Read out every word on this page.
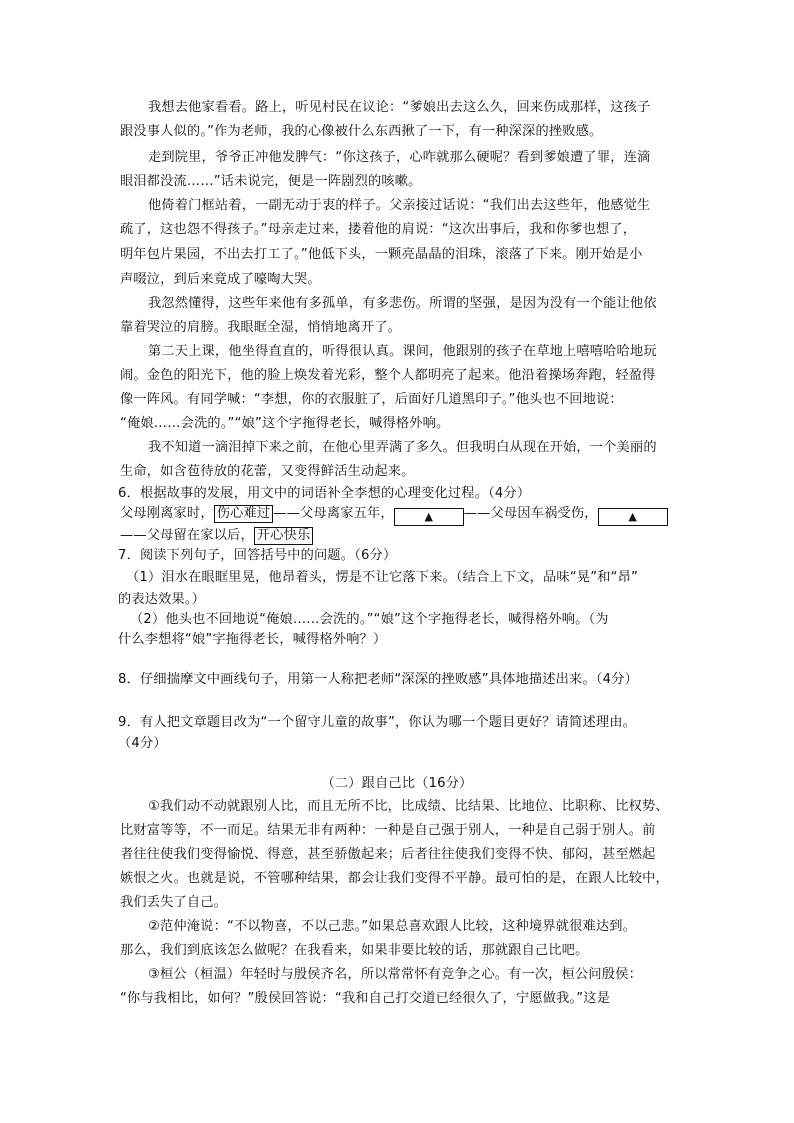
我想去他家看看。路上，听见村民在议论：“爹娘出去这么久，回来伤成那样，这孩子
跟没事人似的。”作为老师，我的心像被什么东西揪了一下，有一种深深的挫败感。
走到院里，爷爷正冲他发脾气：“你这孩子，心咋就那么硬呢？看到爹娘遭了罪，连滴
眼泪都没流……”话未说完，便是一阵剧烈的咳嗽。
他倚着门框站着，一副无动于衷的样子。父亲接过话说：“我们出去这些年，他感觉生
疏了，这也怨不得孩子。”母亲走过来，搂着他的肩说：“这次出事后，我和你爹也想了，
明年包片果园，不出去打工了。”他低下头，一颗亮晶晶的泪珠，滚落了下来。刚开始是小
声啜泣，到后来竟成了嚎啕大哭。
我忽然懂得，这些年来他有多孤单，有多悲伤。所谓的坚强，是因为没有一个能让他依
靠着哭泣的肩膀。我眼眶全湿，悄悄地离开了。
第二天上课，他坐得直直的，听得很认真。课间，他跟别的孩子在草地上嘻嘻哈哈地玩
闹。金色的阳光下，他的脸上焕发着光彩，整个人都明亮了起来。他沿着操场奔跑，轻盈得
像一阵风。有同学喊：“李想，你的衣服脏了，后面好几道黑印子。”他头也不回地说：
“俺娘……会洗的。”“娘”这个字拖得老长，喊得格外响。
我不知道一滴泪掉下来之前，在他心里弄满了多久。但我明白从现在开始，一个美丽的
生命，如含苞待放的花蕾，又变得鲜活生动起来。
6．根据故事的发展，用文中的词语补全李想的心理变化过程。（4分）
父母刚离家时， 伤心难过 ——父母离家五年，	▲ ——父母因车祸受伤，	▲
——父母留在家以后， 开心快乐
7．阅读下列句子，回答括号中的问题。（6分）
（1）泪水在眼眶里晃，他昂着头，愣是不让它落下来。（结合上下文，品味“晃”和“昂”
的表达效果。）
（2）他头也不回地说“俺娘……会洗的。”“娘”这个字拖得老长，喊得格外响。（为
什么李想将“娘”字拖得老长，喊得格外响？）
8．仔细揣摩文中画线句子，用第一人称把老师“深深的挫败感”具体地描述出来。（4分）
9．有人把文章题目改为“一个留守儿童的故事”，你认为哪一个题目更好？请简述理由。
（4分）
（二）跟自己比（16分）
①我们动不动就跟别人比，而且无所不比，比成绩、比结果、比地位、比职称、比权势、
比财富等等，不一而足。结果无非有两种：一种是自己强于别人，一种是自己弱于别人。前
者往往使我们变得愉悦、得意，甚至骄傲起来；后者往往使我们变得不快、郁闷，甚至燃起
嫉恨之火。也就是说，不管哪种结果，都会让我们变得不平静。最可怕的是，在跟人比较中，
我们丢失了自己。
②范仲淹说：“不以物喜，不以己悲。”如果总喜欢跟人比较，这种境界就很难达到。
那么，我们到底该怎么做呢？在我看来，如果非要比较的话，那就跟自己比吧。
③桓公（桓温）年轻时与殷侯齐名，所以常常怀有竞争之心。有一次，桓公问殷侯：
“你与我相比，如何？”殷侯回答说：“我和自己打交道已经很久了，宁愿做我。”这是
